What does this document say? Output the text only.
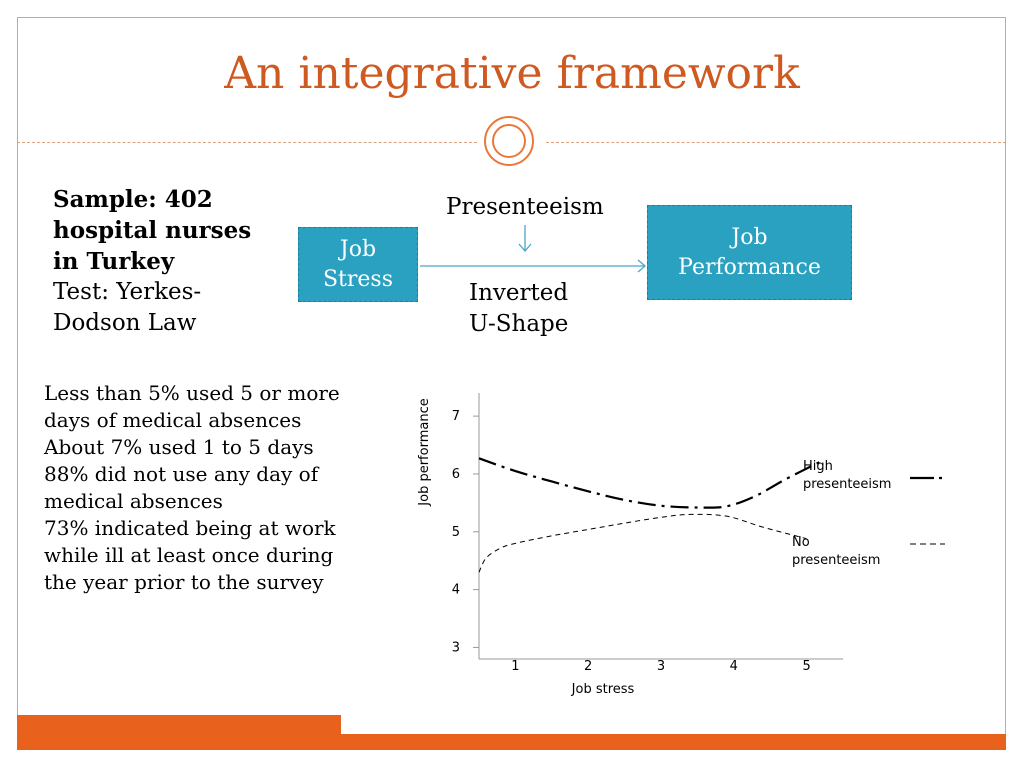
An integrative framework
Sample: 402 hospital nurses in Turkey
Test: Yerkes-Dodson Law
Less than 5% used 5 or more days of medical absences
About 7% used 1 to 5 days
88% did not use any day of medical absences
73% indicated being at work while ill at least once during the year prior to the survey
Job Stress
Job Performance
Presenteeism
Inverted U-Shape
3
4
5
6
7
1	2	3	4	5
Job performance
Job stress
High
presenteeism
No
presenteeism
